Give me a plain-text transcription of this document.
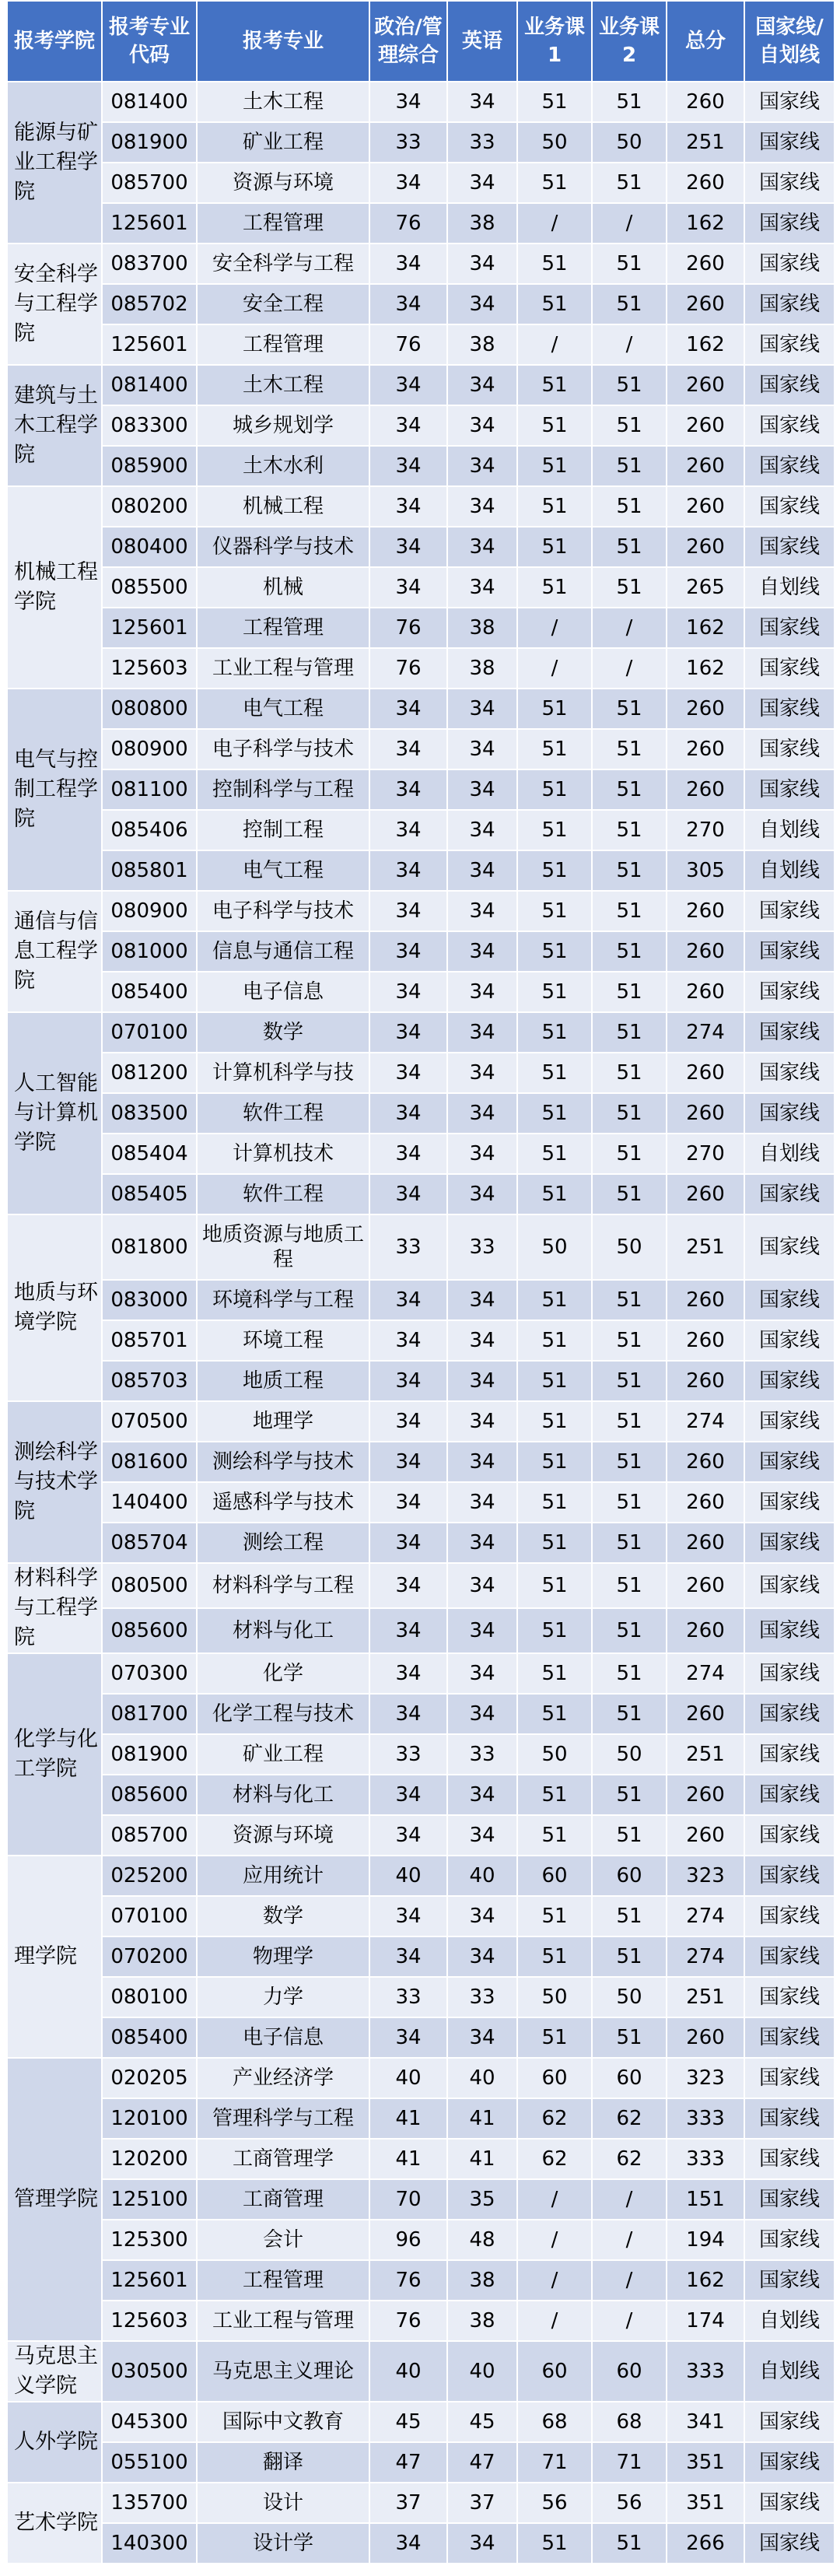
报考学院	报考专业代码	报考专业	政治/管理综合	英语	业务课1	业务课2	总分	国家线/自划线
能源与矿业工程学院	081400	土木工程	34	34	51	51	260	国家线
	081900	矿业工程	33	33	50	50	251	国家线
	085700	资源与环境	34	34	51	51	260	国家线
	125601	工程管理	76	38	/	/	162	国家线
安全科学与工程学院	083700	安全科学与工程	34	34	51	51	260	国家线
	085702	安全工程	34	34	51	51	260	国家线
	125601	工程管理	76	38	/	/	162	国家线
建筑与土木工程学院	081400	土木工程	34	34	51	51	260	国家线
	083300	城乡规划学	34	34	51	51	260	国家线
	085900	土木水利	34	34	51	51	260	国家线
机械工程学院	080200	机械工程	34	34	51	51	260	国家线
	080400	仪器科学与技术	34	34	51	51	260	国家线
	085500	机械	34	34	51	51	265	自划线
	125601	工程管理	76	38	/	/	162	国家线
	125603	工业工程与管理	76	38	/	/	162	国家线
电气与控制工程学院	080800	电气工程	34	34	51	51	260	国家线
	080900	电子科学与技术	34	34	51	51	260	国家线
	081100	控制科学与工程	34	34	51	51	260	国家线
	085406	控制工程	34	34	51	51	270	自划线
	085801	电气工程	34	34	51	51	305	自划线
通信与信息工程学院	080900	电子科学与技术	34	34	51	51	260	国家线
	081000	信息与通信工程	34	34	51	51	260	国家线
	085400	电子信息	34	34	51	51	260	国家线
人工智能与计算机学院	070100	数学	34	34	51	51	274	国家线
	081200	计算机科学与技	34	34	51	51	260	国家线
	083500	软件工程	34	34	51	51	260	国家线
	085404	计算机技术	34	34	51	51	270	自划线
	085405	软件工程	34	34	51	51	260	国家线
地质与环境学院	081800	地质资源与地质工程	33	33	50	50	251	国家线
	083000	环境科学与工程	34	34	51	51	260	国家线
	085701	环境工程	34	34	51	51	260	国家线
	085703	地质工程	34	34	51	51	260	国家线
测绘科学与技术学院	070500	地理学	34	34	51	51	274	国家线
	081600	测绘科学与技术	34	34	51	51	260	国家线
	140400	遥感科学与技术	34	34	51	51	260	国家线
	085704	测绘工程	34	34	51	51	260	国家线
材料科学与工程学院	080500	材料科学与工程	34	34	51	51	260	国家线
	085600	材料与化工	34	34	51	51	260	国家线
化学与化工学院	070300	化学	34	34	51	51	274	国家线
	081700	化学工程与技术	34	34	51	51	260	国家线
	081900	矿业工程	33	33	50	50	251	国家线
	085600	材料与化工	34	34	51	51	260	国家线
	085700	资源与环境	34	34	51	51	260	国家线
理学院	025200	应用统计	40	40	60	60	323	国家线
	070100	数学	34	34	51	51	274	国家线
	070200	物理学	34	34	51	51	274	国家线
	080100	力学	33	33	50	50	251	国家线
	085400	电子信息	34	34	51	51	260	国家线
管理学院	020205	产业经济学	40	40	60	60	323	国家线
	120100	管理科学与工程	41	41	62	62	333	国家线
	120200	工商管理学	41	41	62	62	333	国家线
	125100	工商管理	70	35	/	/	151	国家线
	125300	会计	96	48	/	/	194	国家线
	125601	工程管理	76	38	/	/	162	国家线
	125603	工业工程与管理	76	38	/	/	174	自划线
马克思主义学院	030500	马克思主义理论	40	40	60	60	333	自划线
人外学院	045300	国际中文教育	45	45	68	68	341	国家线
	055100	翻译	47	47	71	71	351	国家线
艺术学院	135700	设计	37	37	56	56	351	国家线
	140300	设计学	34	34	51	51	266	国家线
